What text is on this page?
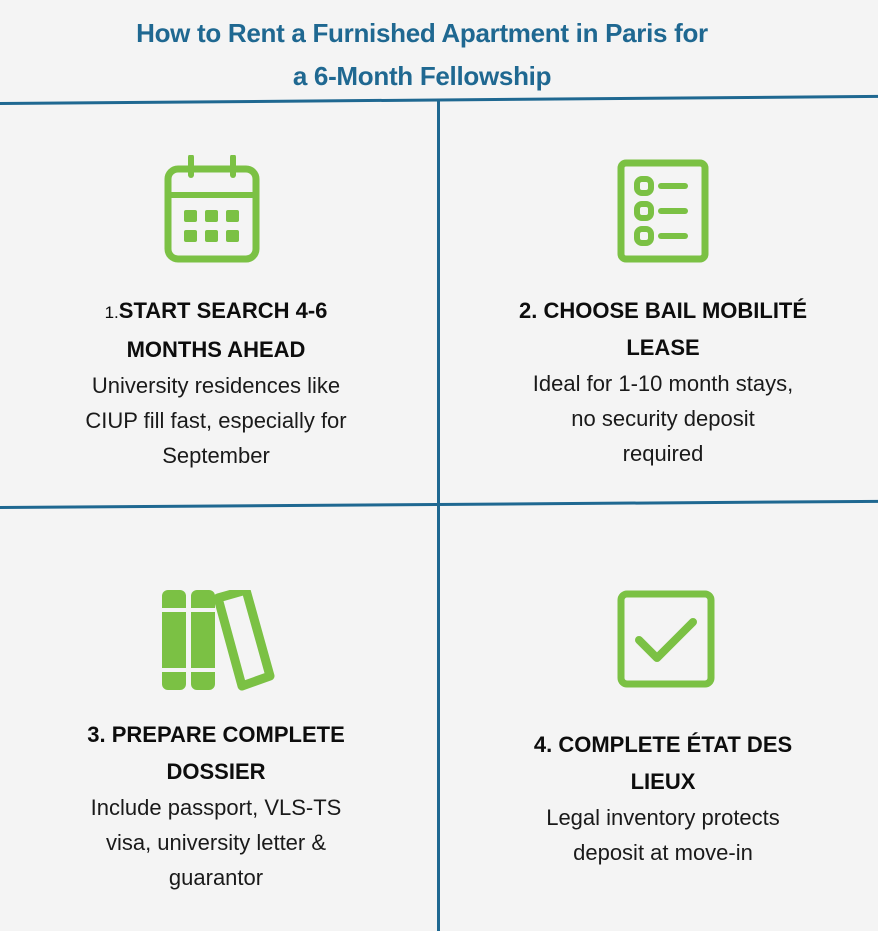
How to Rent a Furnished Apartment in Paris for
a 6-Month Fellowship
1.START SEARCH 4-6
MONTHS AHEAD
University residences like
CIUP fill fast, especially for
September
2. CHOOSE BAIL MOBILITÉ
LEASE
Ideal for 1-10 month stays,
no security deposit
required
3. PREPARE COMPLETE
DOSSIER
Include passport, VLS-TS
visa, university letter &
guarantor
4. COMPLETE ÉTAT DES
LIEUX
Legal inventory protects
deposit at move-in
